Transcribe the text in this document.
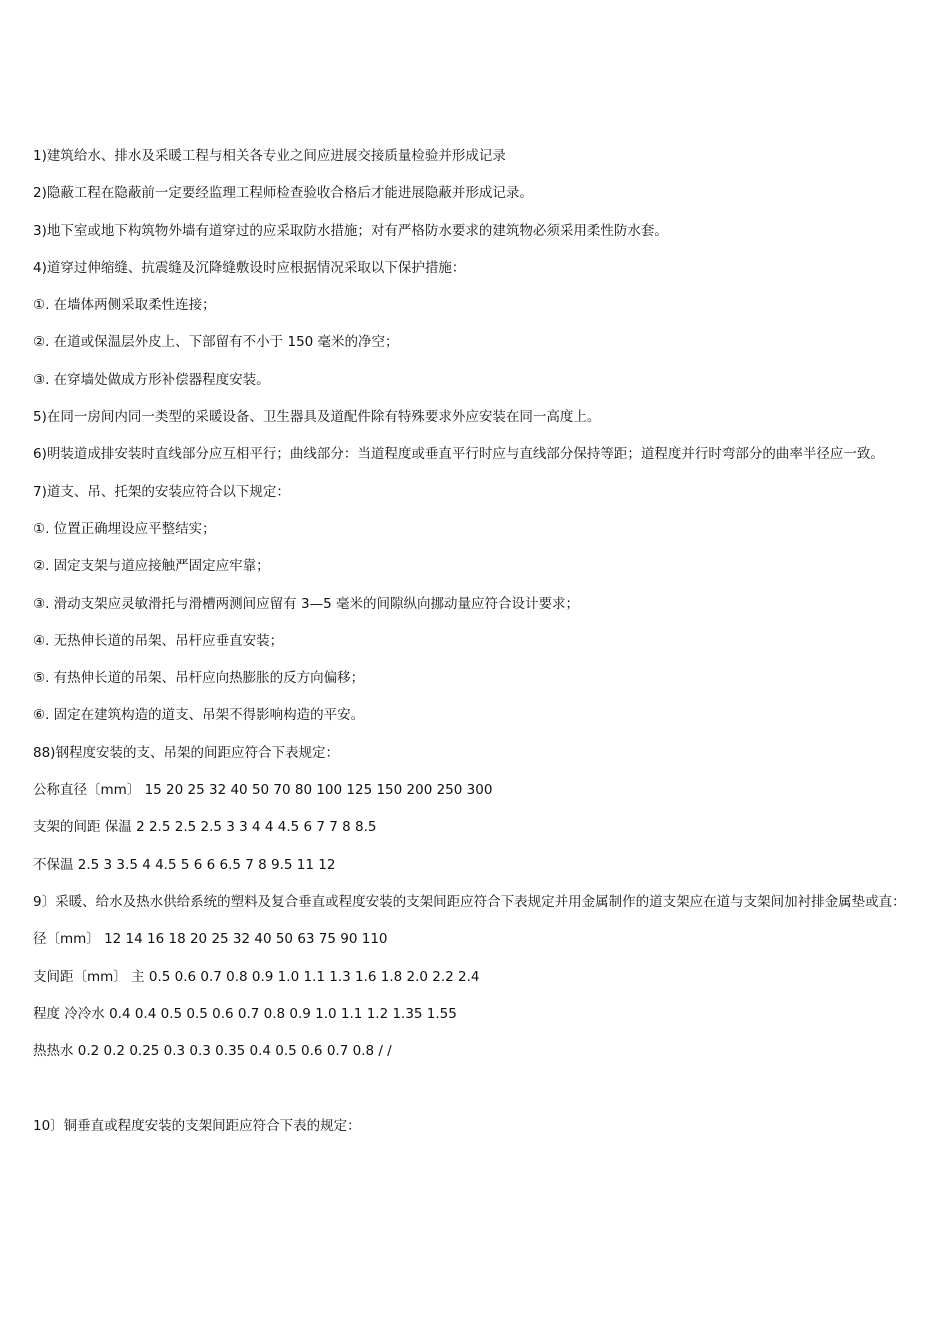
1)建筑给水、排水及采暖工程与相关各专业之间应进展交接质量检验并形成记录

2)隐蔽工程在隐蔽前一定要经监理工程师检查验收合格后才能进展隐蔽并形成记录。

3)地下室或地下构筑物外墙有道穿过的应采取防水措施；对有严格防水要求的建筑物必须采用柔性防水套。

4)道穿过伸缩缝、抗震缝及沉降缝敷设时应根据情况采取以下保护措施：

①. 在墙体两侧采取柔性连接；

②. 在道或保温层外皮上、下部留有不小于 150 毫米的净空；

③. 在穿墙处做成方形补偿器程度安装。

5)在同一房间内同一类型的采暖设备、卫生器具及道配件除有特殊要求外应安装在同一高度上。

6)明装道成排安装时直线部分应互相平行；曲线部分：当道程度或垂直平行时应与直线部分保持等距；道程度并行时弯部分的曲率半径应一致。

7)道支、吊、托架的安装应符合以下规定：

①. 位置正确埋设应平整结实；

②. 固定支架与道应接触严固定应牢靠；

③. 滑动支架应灵敏滑托与滑槽两测间应留有 3—5 毫米的间隙纵向挪动量应符合设计要求；

④. 无热伸长道的吊架、吊杆应垂直安装；

⑤. 有热伸长道的吊架、吊杆应向热膨胀的反方向偏移；

⑥. 固定在建筑构造的道支、吊架不得影响构造的平安。

88)钢程度安装的支、吊架的间距应符合下表规定：

公称直径〔mm〕 15 20 25 32 40 50 70 80 100 125 150 200 250 300

支架的间距 保温 2 2.5 2.5 2.5 3 3 4 4 4.5 6 7 7 8 8.5

不保温 2.5 3 3.5 4 4.5 5 6 6 6.5 7 8 9.5 11 12

9〕采暖、给水及热水供给系统的塑料及复合垂直或程度安装的支架间距应符合下表规定并用金属制作的道支架应在道与支架间加衬排金属垫或直：

径〔mm〕 12 14 16 18 20 25 32 40 50 63 75 90 110

支间距〔mm〕 主 0.5 0.6 0.7 0.8 0.9 1.0 1.1 1.3 1.6 1.8 2.0 2.2 2.4

程度 冷冷水 0.4 0.4 0.5 0.5 0.6 0.7 0.8 0.9 1.0 1.1 1.2 1.35 1.55

热热水 0.2 0.2 0.25 0.3 0.3 0.35 0.4 0.5 0.6 0.7 0.8 / /

10〕铜垂直或程度安装的支架间距应符合下表的规定：
